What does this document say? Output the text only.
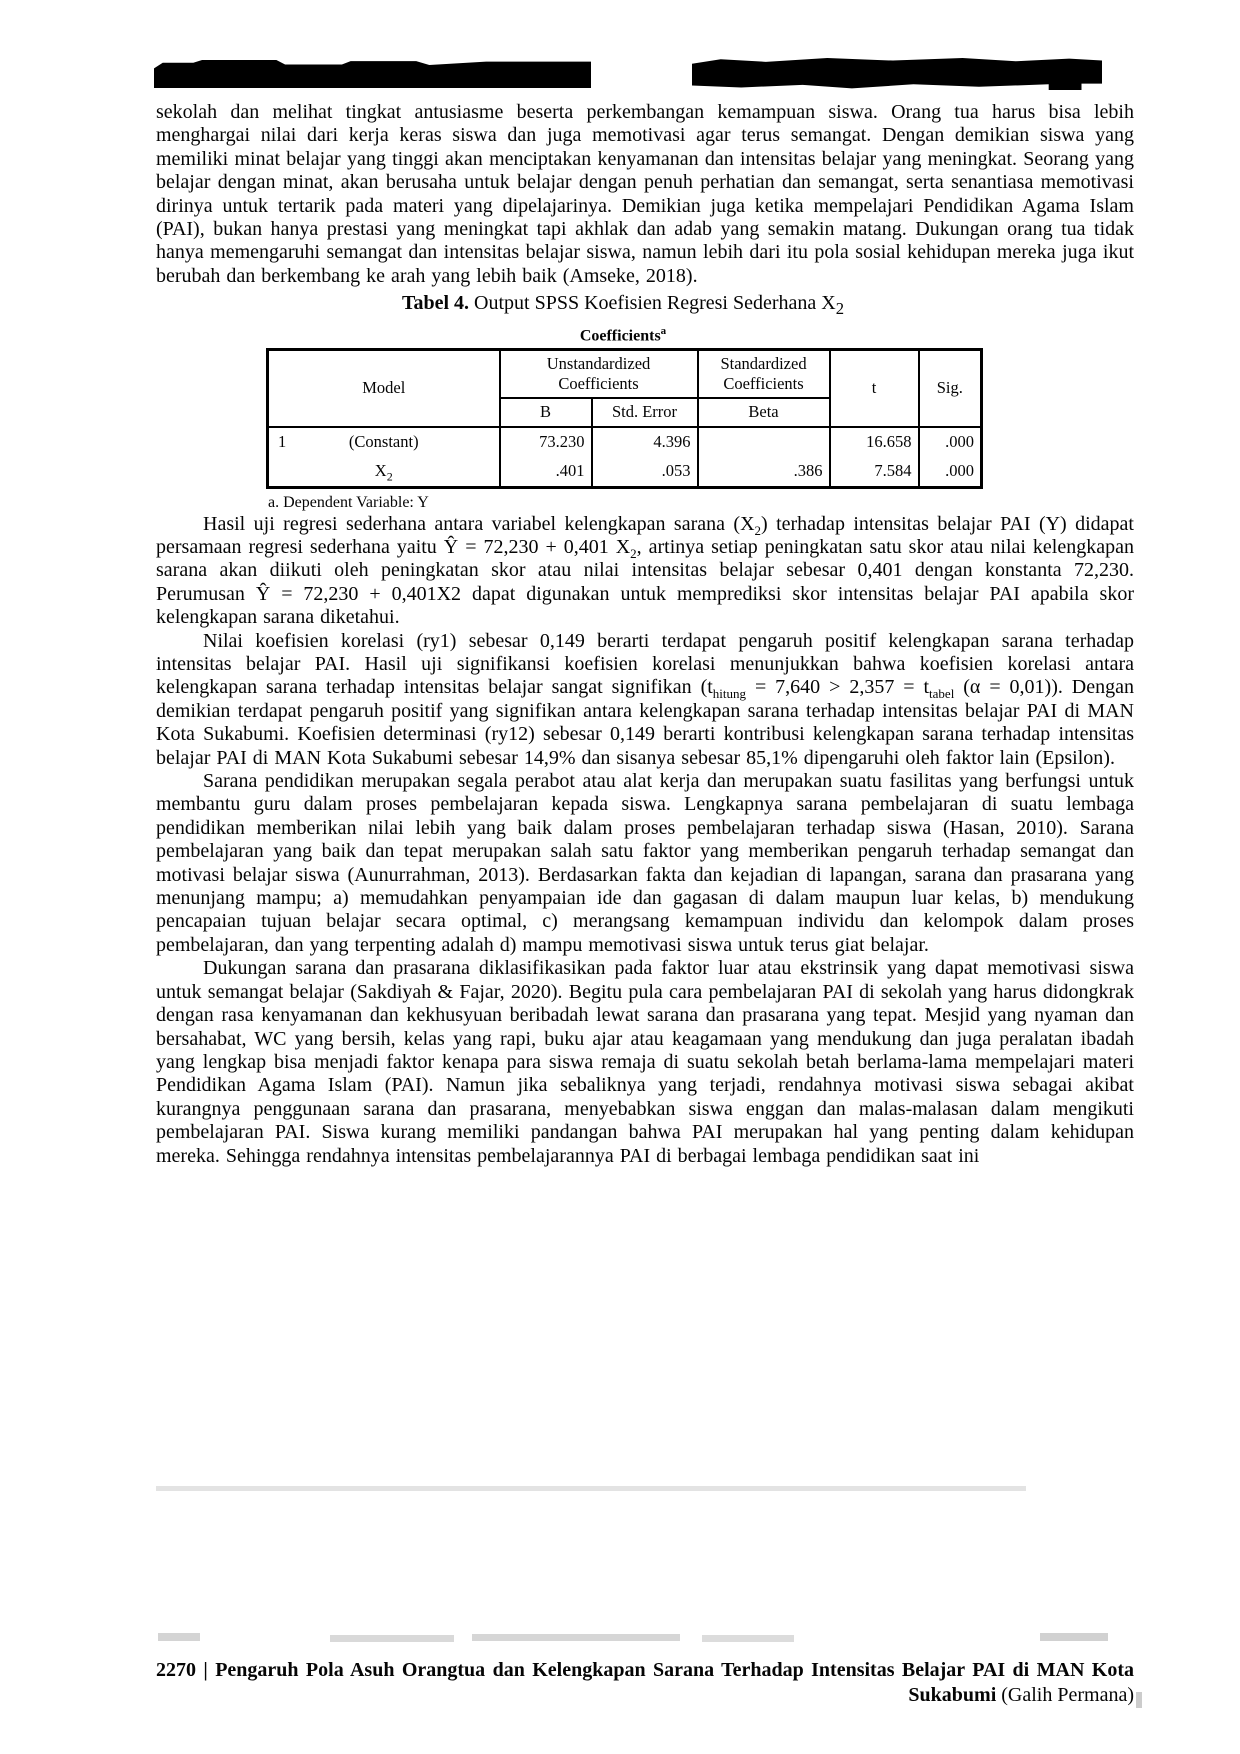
sekolah dan melihat tingkat antusiasme beserta perkembangan kemampuan siswa. Orang tua harus bisa lebih menghargai nilai dari kerja keras siswa dan juga memotivasi agar terus semangat. Dengan demikian siswa yang memiliki minat belajar yang tinggi akan menciptakan kenyamanan dan intensitas belajar yang meningkat. Seorang yang belajar dengan minat, akan berusaha untuk belajar dengan penuh perhatian dan semangat, serta senantiasa memotivasi dirinya untuk tertarik pada materi yang dipelajarinya. Demikian juga ketika mempelajari Pendidikan Agama Islam (PAI), bukan hanya prestasi yang meningkat tapi akhlak dan adab yang semakin matang. Dukungan orang tua tidak hanya memengaruhi semangat dan intensitas belajar siswa, namun lebih dari itu pola sosial kehidupan mereka juga ikut berubah dan berkembang ke arah yang lebih baik (Amseke, 2018).

Tabel 4. Output SPSS Koefisien Regresi Sederhana $X_2$
Coefficients$^a$
Model	Unstandardized Coefficients		Standardized Coefficients	t	Sig.
	B	Std. Error	Beta		

1 (Constant)	73.230	4.396		16.658	.000

$X_2$	.401	.053	.386	7.584	.000
a. Dependent Variable: Y

Hasil uji regresi sederhana antara variabel kelengkapan sarana $(X_2)$ terhadap intensitas belajar PAI (Y) didapat persamaan regresi sederhana yaitu Ŷ = 72,230 + 0,401 $X_2$, artinya setiap peningkatan satu skor atau nilai kelengkapan sarana akan diikuti oleh peningkatan skor atau nilai intensitas belajar sebesar 0,401 dengan konstanta 72,230. Perumusan Ŷ = 72,230 + 0,401X2 dapat digunakan untuk memprediksi skor intensitas belajar PAI apabila skor kelengkapan sarana diketahui.

Nilai koefisien korelasi (ry1) sebesar 0,149 berarti terdapat pengaruh positif kelengkapan sarana terhadap intensitas belajar PAI. Hasil uji signifikansi koefisien korelasi menunjukkan bahwa koefisien korelasi antara kelengkapan sarana terhadap intensitas belajar sangat signifikan ($t_{hitung} = 7,640 > 2,357 = t_{tabel}$ (α = 0,01)). Dengan demikian terdapat pengaruh positif yang signifikan antara kelengkapan sarana terhadap intensitas belajar PAI di MAN Kota Sukabumi. Koefisien determinasi (ry12) sebesar 0,149 berarti kontribusi kelengkapan sarana terhadap intensitas belajar PAI di MAN Kota Sukabumi sebesar 14,9% dan sisanya sebesar 85,1% dipengaruhi oleh faktor lain (Epsilon).

Sarana pendidikan merupakan segala perabot atau alat kerja dan merupakan suatu fasilitas yang berfungsi untuk membantu guru dalam proses pembelajaran kepada siswa. Lengkapnya sarana pembelajaran di suatu lembaga pendidikan memberikan nilai lebih yang baik dalam proses pembelajaran terhadap siswa (Hasan, 2010). Sarana pembelajaran yang baik dan tepat merupakan salah satu faktor yang memberikan pengaruh terhadap semangat dan motivasi belajar siswa (Aunurrahman, 2013). Berdasarkan fakta dan kejadian di lapangan, sarana dan prasarana yang menunjang mampu; a) memudahkan penyampaian ide dan gagasan di dalam maupun luar kelas, b) mendukung pencapaian tujuan belajar secara optimal, c) merangsang kemampuan individu dan kelompok dalam proses pembelajaran, dan yang terpenting adalah d) mampu memotivasi siswa untuk terus giat belajar.

Dukungan sarana dan prasarana diklasifikasikan pada faktor luar atau ekstrinsik yang dapat memotivasi siswa untuk semangat belajar (Sakdiyah & Fajar, 2020). Begitu pula cara pembelajaran PAI di sekolah yang harus didongkrak dengan rasa kenyamanan dan kekhusyuan beribadah lewat sarana dan prasarana yang tepat. Mesjid yang nyaman dan bersahabat, WC yang bersih, kelas yang rapi, buku ajar atau keagamaan yang mendukung dan juga peralatan ibadah yang lengkap bisa menjadi faktor kenapa para siswa remaja di suatu sekolah betah berlama-lama mempelajari materi Pendidikan Agama Islam (PAI). Namun jika sebaliknya yang terjadi, rendahnya motivasi siswa sebagai akibat kurangnya penggunaan sarana dan prasarana, menyebabkan siswa enggan dan malas-malasan dalam mengikuti pembelajaran PAI. Siswa kurang memiliki pandangan bahwa PAI merupakan hal yang penting dalam kehidupan mereka. Sehingga rendahnya intensitas pembelajarannya PAI di berbagai lembaga pendidikan saat ini

2270 | Pengaruh Pola Asuh Orangtua dan Kelengkapan Sarana Terhadap Intensitas Belajar PAI di MAN Kota Sukabumi (Galih Permana)
